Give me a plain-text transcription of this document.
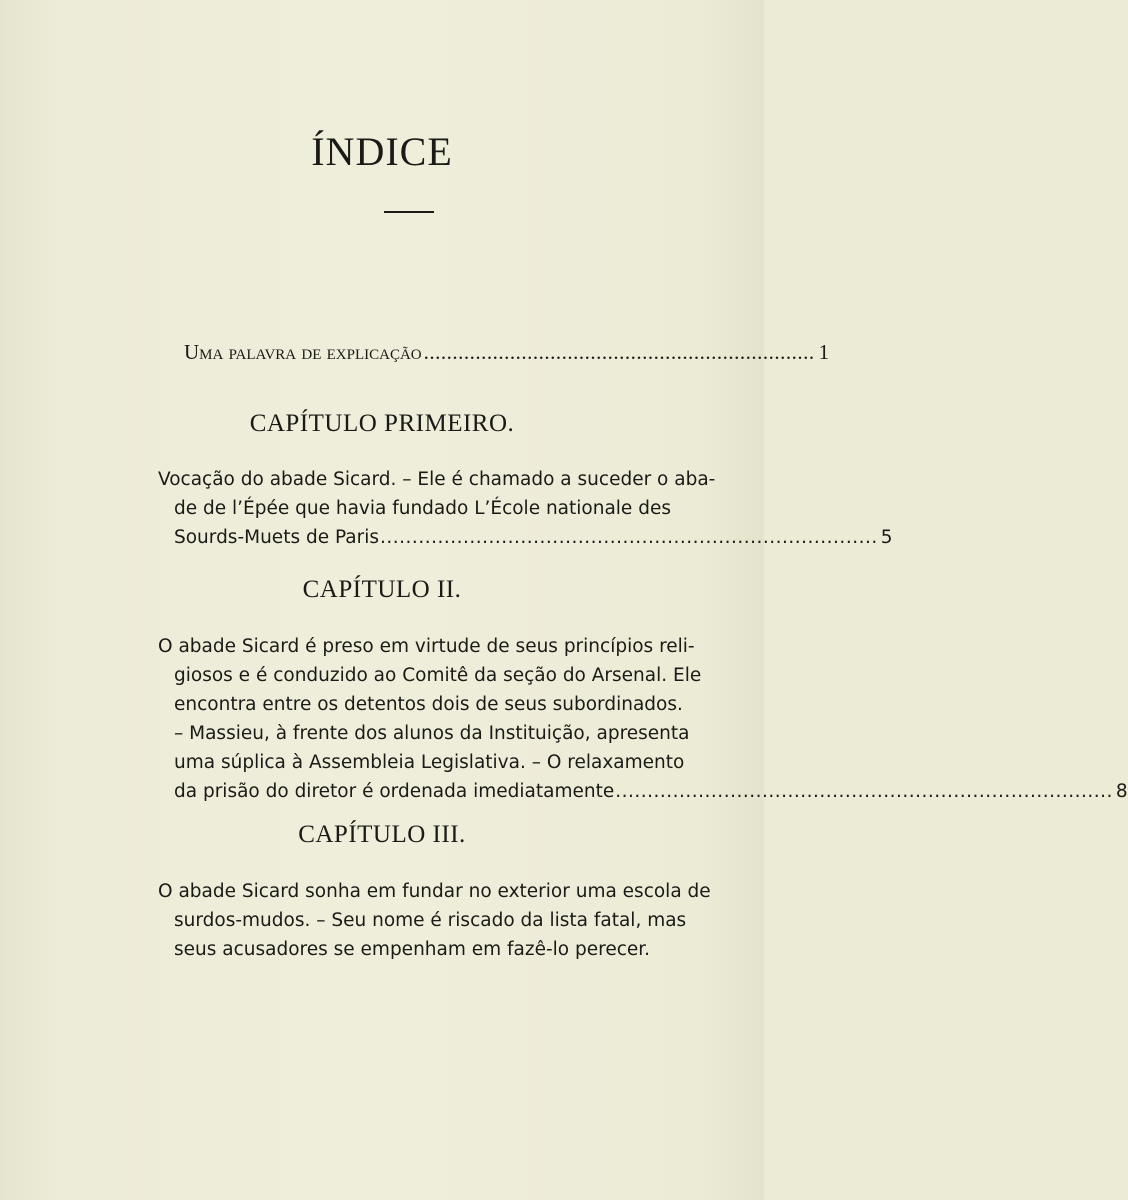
ÍNDICE
Uma palavra de explicação .................................................................... 1
CAPÍTULO PRIMEIRO.
Vocação do abade Sicard. – Ele é chamado a suceder o aba-
de de l’Épée que havia fundado L’École nationale des
Sourds-Muets de Paris .............................................................................. 5
CAPÍTULO II.
O abade Sicard é preso em virtude de seus princípios reli-
giosos e é conduzido ao Comitê da seção do Arsenal. Ele
encontra entre os detentos dois de seus subordinados.
– Massieu, à frente dos alunos da Instituição, apresenta
uma súplica à Assembleia Legislativa. – O relaxamento
da prisão do diretor é ordenada imediatamente .............................................................................. 8
CAPÍTULO III.
O abade Sicard sonha em fundar no exterior uma escola de
surdos-mudos. – Seu nome é riscado da lista fatal, mas
seus acusadores se empenham em fazê-lo perecer.
